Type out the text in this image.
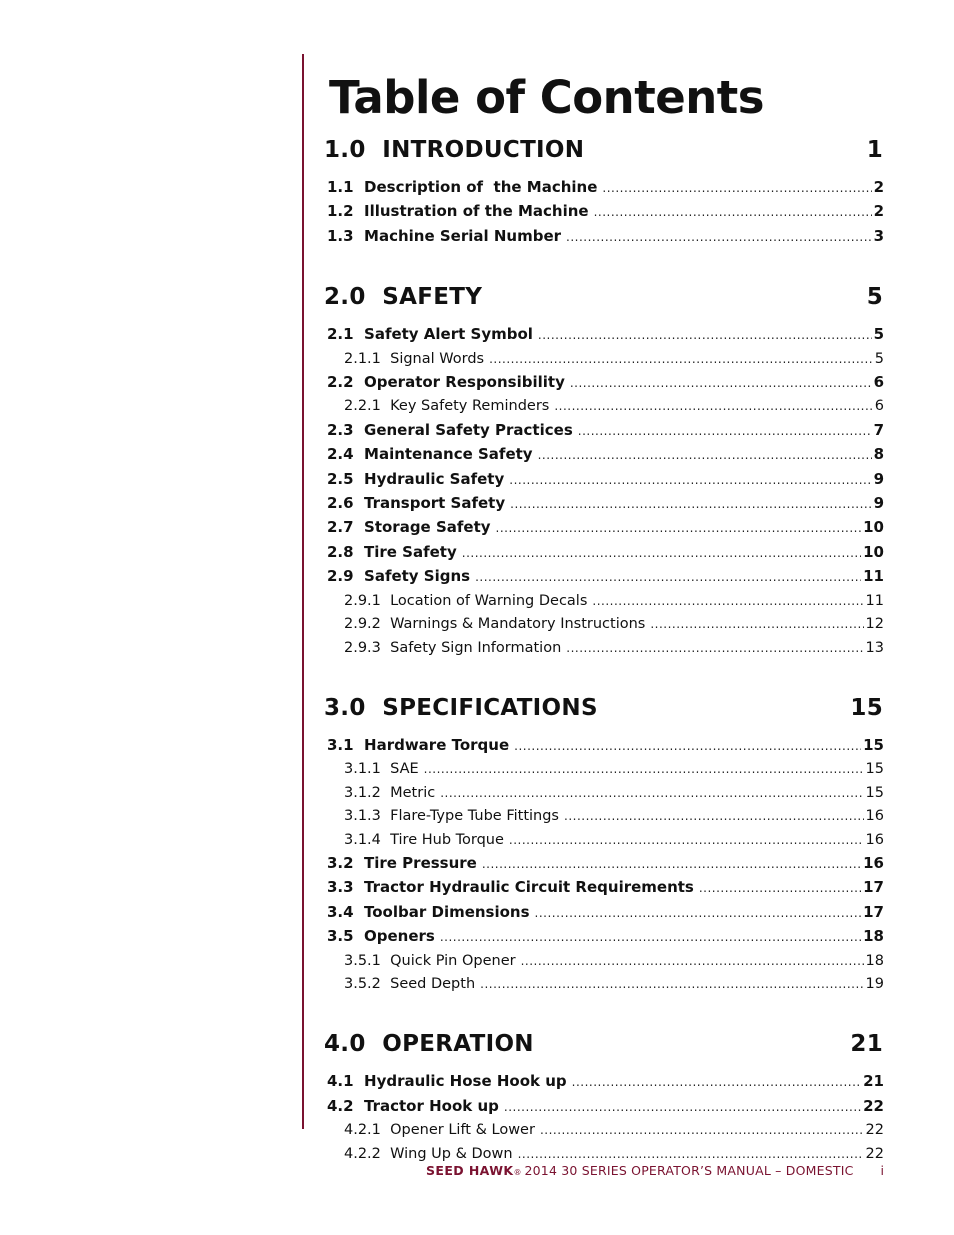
Table of Contents
1.0  INTRODUCTION	1
1.1  Description of  the Machine .....	2
1.2  Illustration of the Machine .....	2
1.3  Machine Serial Number .....	3
2.0  SAFETY	5
2.1  Safety Alert Symbol .....	5
2.1.1  Signal Words .....	5
2.2  Operator Responsibility .....	6
2.2.1  Key Safety Reminders .....	6
2.3  General Safety Practices .....	7
2.4  Maintenance Safety .....	8
2.5  Hydraulic Safety .....	9
2.6  Transport Safety .....	9
2.7  Storage Safety .....	10
2.8  Tire Safety .....	10
2.9  Safety Signs .....	11
2.9.1  Location of Warning Decals .....	11
2.9.2  Warnings & Mandatory Instructions .....	12
2.9.3  Safety Sign Information .....	13
3.0  SPECIFICATIONS	15
3.1  Hardware Torque .....	15
3.1.1  SAE .....	15
3.1.2  Metric .....	15
3.1.3  Flare-Type Tube Fittings .....	16
3.1.4  Tire Hub Torque .....	16
3.2  Tire Pressure .....	16
3.3  Tractor Hydraulic Circuit Requirements .....	17
3.4  Toolbar Dimensions .....	17
3.5  Openers .....	18
3.5.1  Quick Pin Opener .....	18
3.5.2  Seed Depth .....	19
4.0  OPERATION	21
4.1  Hydraulic Hose Hook up .....	21
4.2  Tractor Hook up .....	22
4.2.1  Opener Lift & Lower .....	22
4.2.2  Wing Up & Down .....	22
SEED HAWK ® 2014 30 SERIES OPERATOR’S MANUAL – DOMESTIC i
